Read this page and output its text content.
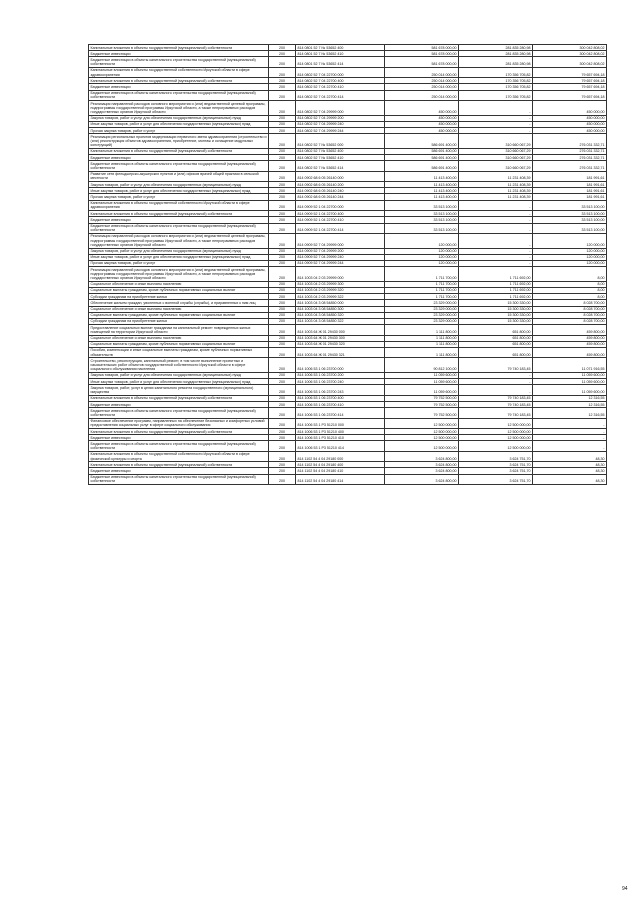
Капитальные вложения в объекты государственной (муниципальной) собственности	200	814 0801 52 7 № 53652 400	581 678 000,00	281 835 280,98	300 042 808,02
Бюджетные инвестиции	200	814 0801 52 7 № 53652 410	581 678 000,00	281 835 280,98	300 042 808,02
Бюджетные инвестиции в объекты капитального строительства государственной (муниципальной) собственности	200	814 0801 52 7 № 53652 414	581 678 000,00	281 835 280,98	300 042 808,02
Капитальные вложения в объекты государственной собственности Иркутской области в сфере здравоохранения	200	814 0802 52 7 04 22700 000	250 014 000,00	170 356 705,82	79 657 694,18
Капитальные вложения в объекты государственной (муниципальной) собственности	200	814 0802 52 7 04 22700 400	250 014 000,00	170 356 705,82	79 657 694,18
Бюджетные инвестиции	200	814 0802 52 7 04 22700 410	250 014 000,00	170 356 705,82	79 657 694,18
Бюджетные инвестиции в объекты капитального строительства государственной (муниципальной) собственности	200	814 0802 52 7 04 22700 414	250 014 000,00	170 356 705,82	79 657 694,18
Реализация направлений расходов основного мероприятия и (или) ведомственной целевой программы, подпрограммы государственной программы Иркутской области, а также непрограммных расходов государственных органов Иркутской области	200	814 0802 52 7 04 29999 000	450 000,00	-	450 000,00
Закупка товаров, работ и услуг для обеспечения государственных (муниципальных) нужд	200	814 0802 52 7 04 29999 200	450 000,00	-	450 000,00
Иные закупки товаров, работ и услуг для обеспечения государственных (муниципальных) нужд	200	814 0802 52 7 04 29999 240	450 000,00	-	450 000,00
Прочая закупка товаров, работ и услуг	200	814 0802 52 7 04 29999 244	450 000,00	-	450 000,00
Реализация региональных проектов модернизации первичного звена здравоохранения (строительство и (или) реконструкция объектов здравоохранения, приобретение, монтаж и оснащение модульных конструкций)	200	814 0802 52 7 № 53652 000	586 691 400,00	310 660 067,29	276 031 332,71
Капитальные вложения в объекты государственной (муниципальной) собственности	200	814 0802 52 7 № 53652 400	586 691 400,00	310 660 067,29	276 031 332,71
Бюджетные инвестиции	200	814 0802 52 7 № 53652 410	586 691 400,00	310 660 067,29	276 031 332,71
Бюджетные инвестиции в объекты капитального строительства государственной (муниципальной) собственности	200	814 0802 52 7 № 53652 414	586 691 400,00	310 660 067,29	276 031 332,71
Развитие сети фельдшерско-акушерских пунктов и (или) офисов врачей общей практики в сельской местности	200	814 0902 68 6 05 26140 000	11 413 400,00	11 231 408,39	181 991,61
Закупка товаров, работ и услуг для обеспечения государственных (муниципальных) нужд	200	814 0902 68 6 05 26140 200	11 413 400,00	11 231 408,39	181 991,61
Иные закупки товаров, работ и услуг для обеспечения государственных (муниципальных) нужд	200	814 0902 68 6 05 26140 240	11 413 400,00	11 231 408,39	181 991,61
Прочая закупка товаров, работ и услуг	200	814 0902 68 6 05 26140 244	11 413 400,00	11 231 408,39	181 991,61
Капитальные вложения в объекты государственной собственности Иркутской области в сфере здравоохранения	200	814 0909 52 1 04 22700 000	33 513 100,00	-	33 513 100,00
Капитальные вложения в объекты государственной (муниципальной) собственности	200	814 0909 52 1 04 22700 400	33 513 100,00	-	33 513 100,00
Бюджетные инвестиции	200	814 0909 52 1 04 22700 410	33 513 100,00	-	33 513 100,00
Бюджетные инвестиции в объекты капитального строительства государственной (муниципальной) собственности	200	814 0909 52 1 04 22700 414	33 513 100,00	-	33 513 100,00
Реализация направлений расходов основного мероприятия и (или) ведомственной целевой программы, подпрограммы государственной программы Иркутской области, а также непрограммных расходов государственных органов Иркутской области	200	814 0909 52 7 04 29999 000	120 000,00	-	120 000,00
Закупка товаров, работ и услуг для обеспечения государственных (муниципальных) нужд	200	814 0909 52 7 04 29999 200	120 000,00	-	120 000,00
Иные закупки товаров, работ и услуг для обеспечения государственных (муниципальных) нужд	200	814 0909 52 7 04 29999 240	120 000,00	-	120 000,00
Прочая закупка товаров, работ и услуг	200	814 0909 52 7 04 29999 244	120 000,00	-	120 000,00
Реализация направлений расходов основного мероприятия и (или) ведомственной целевой программы, подпрограммы государственной программы Иркутской области, а также непрограммных расходов государственных органов Иркутской области	200	814 1003 04 2 03 29999 000	1 711 700,00	1 711 692,00	8,00
Социальное обеспечение и иные выплаты населению	200	814 1003 04 2 03 29999 300	1 711 700,00	1 711 692,00	8,00
Социальные выплаты гражданам, кроме публичных нормативных социальных выплат	200	814 1003 04 2 03 29999 320	1 711 700,00	1 711 692,00	8,00
Субсидии гражданам на приобретение жилья	200	814 1003 04 2 03 29999 322	1 711 700,00	1 711 692,00	8,00
Обеспечение жильем граждан, уволенных с военной службы (службы), и приравненных к ним лиц	200	814 1003 04 3 08 54850 000	23 329 000,00	15 300 330,00	8 028 700,00
Социальное обеспечение и иные выплаты населению	200	814 1003 04 3 08 54850 300	23 329 000,00	15 300 330,00	8 028 700,00
Социальные выплаты гражданам, кроме публичных нормативных социальных выплат	200	814 1003 04 3 08 54850 320	23 329 000,00	15 300 330,00	8 028 700,00
Субсидии гражданам на приобретение жилья	200	814 1003 04 3 08 54850 322	23 329 000,00	15 300 330,00	8 028 700,00
Предоставление социальных выплат гражданам на капитальный ремонт поврежденных жилых помещений на территории Иркутской области	200	814 1003 64 Ж 01 29430 000	1 111 800,00	651 800,00	459 800,00
Социальное обеспечение и иные выплаты населению	200	814 1003 64 Ж 01 29430 300	1 111 800,00	651 800,00	459 800,00
Социальные выплаты гражданам, кроме публичных нормативных социальных выплат	200	814 1003 64 Ж 01 29430 320	1 111 800,00	651 800,00	459 800,00
Пособия, компенсации и иные социальные выплаты гражданам, кроме публичных нормативных обязательств	200	814 1003 64 Ж 01 29430 321	1 111 800,00	651 800,00	459 800,00
Строительство, реконструкция, капитальный ремонт, в том числе выполнение проектных и изыскательских работ объектов государственной собственности Иркутской области в сфере социального обслуживания населения	200	814 1006 53 1 06 23700 000	90 812 100,00	79 740 183,45	11 071 916,55
Закупка товаров, работ и услуг для обеспечения государственных (муниципальных) нужд	200	814 1006 53 1 06 23700 200	11 059 600,00	-	11 059 600,00
Иные закупки товаров, работ и услуг для обеспечения государственных (муниципальных) нужд	200	814 1006 53 1 06 23700 240	11 059 600,00	-	11 059 600,00
Закупка товаров, работ, услуг в целях капитального ремонта государственного (муниципального) имущества	200	814 1006 53 1 06 23700 243	11 059 600,00	-	11 059 600,00
Капитальные вложения в объекты государственной (муниципальной) собственности	200	814 1006 53 1 06 23700 400	79 752 500,00	79 740 183,45	12 316,55
Бюджетные инвестиции	200	814 1006 53 1 06 23700 410	79 752 500,00	79 740 183,45	12 316,55
Бюджетные инвестиции в объекты капитального строительства государственной (муниципальной) собственности	200	814 1006 53 1 06 23700 414	79 752 500,00	79 740 183,45	12 316,55
Финансовое обеспечение программ, направленных на обеспечение безопасных и комфортных условий предоставления социальных услуг в сфере социального обслуживания	200	814 1006 53 1 P3 51210 000	12 500 000,00	12 500 000,00	-
Капитальные вложения в объекты государственной (муниципальной) собственности	200	814 1006 53 1 P3 51210 400	12 500 000,00	12 500 000,00	-
Бюджетные инвестиции	200	814 1006 53 1 P3 51210 410	12 500 000,00	12 500 000,00	-
Бюджетные инвестиции в объекты капитального строительства государственной (муниципальной) собственности	200	814 1006 53 1 P3 51210 414	12 500 000,00	12 500 000,00	-
Капитальные вложения в объекты государственной собственности Иркутской области в сфере физической культуры и спорта	200	814 1102 54 4 04 29180 000	3 624 800,00	3 624 751,70	48,30
Капитальные вложения в объекты государственной (муниципальной) собственности	200	814 1102 54 4 04 29180 400	3 624 800,00	3 624 751,70	48,30
Бюджетные инвестиции	200	814 1102 54 4 04 29180 410	3 624 800,00	3 624 751,70	48,30
Бюджетные инвестиции в объекты капитального строительства государственной (муниципальной) собственности	200	814 1102 54 4 04 29180 414	3 624 800,00	3 624 751,70	48,30
94
